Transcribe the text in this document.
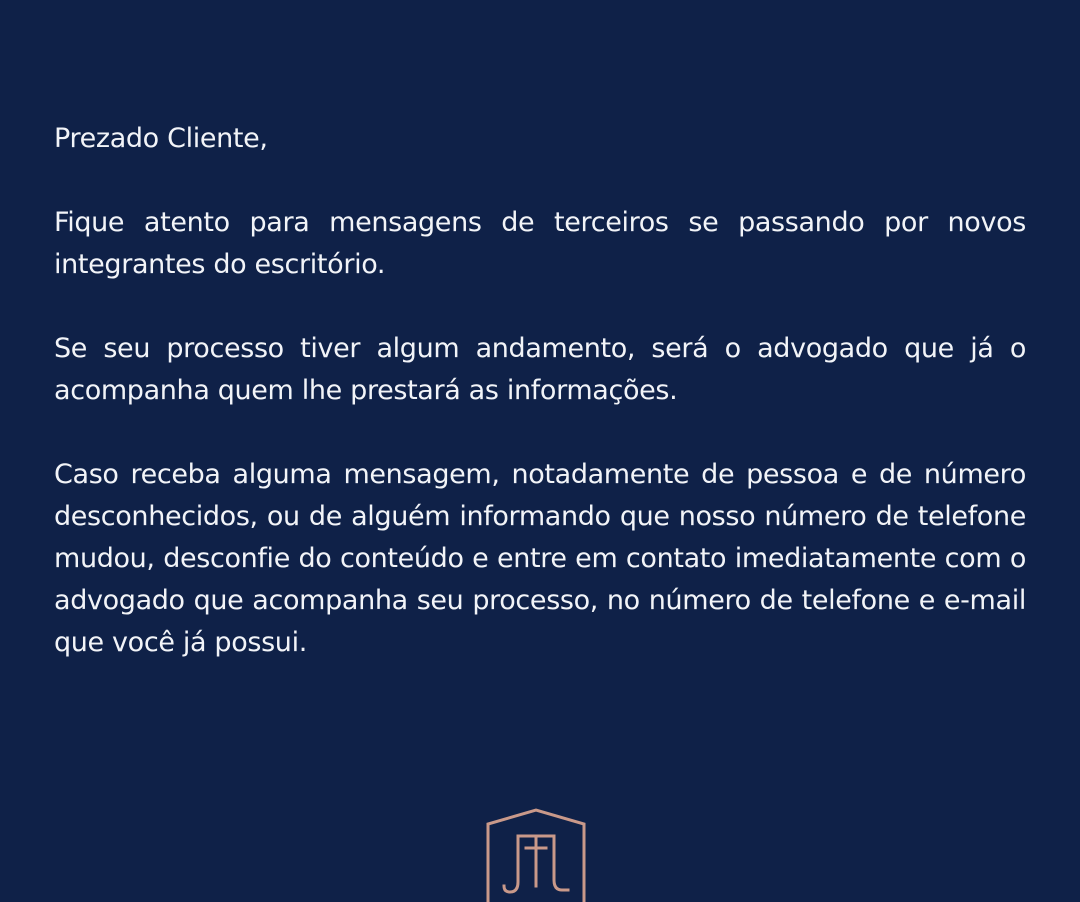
Prezado Cliente,

Fique atento para mensagens de terceiros se passando por novos integrantes do escritório.

Se seu processo tiver algum andamento, será o advogado que já o acompanha quem lhe prestará as informações.

Caso receba alguma mensagem, notadamente de pessoa e de número desconhecidos, ou de alguém informando que nosso número de telefone mudou, desconfie do conteúdo e entre em contato imediatamente com o advogado que acompanha seu processo, no número de telefone e e-mail que você já possui.
